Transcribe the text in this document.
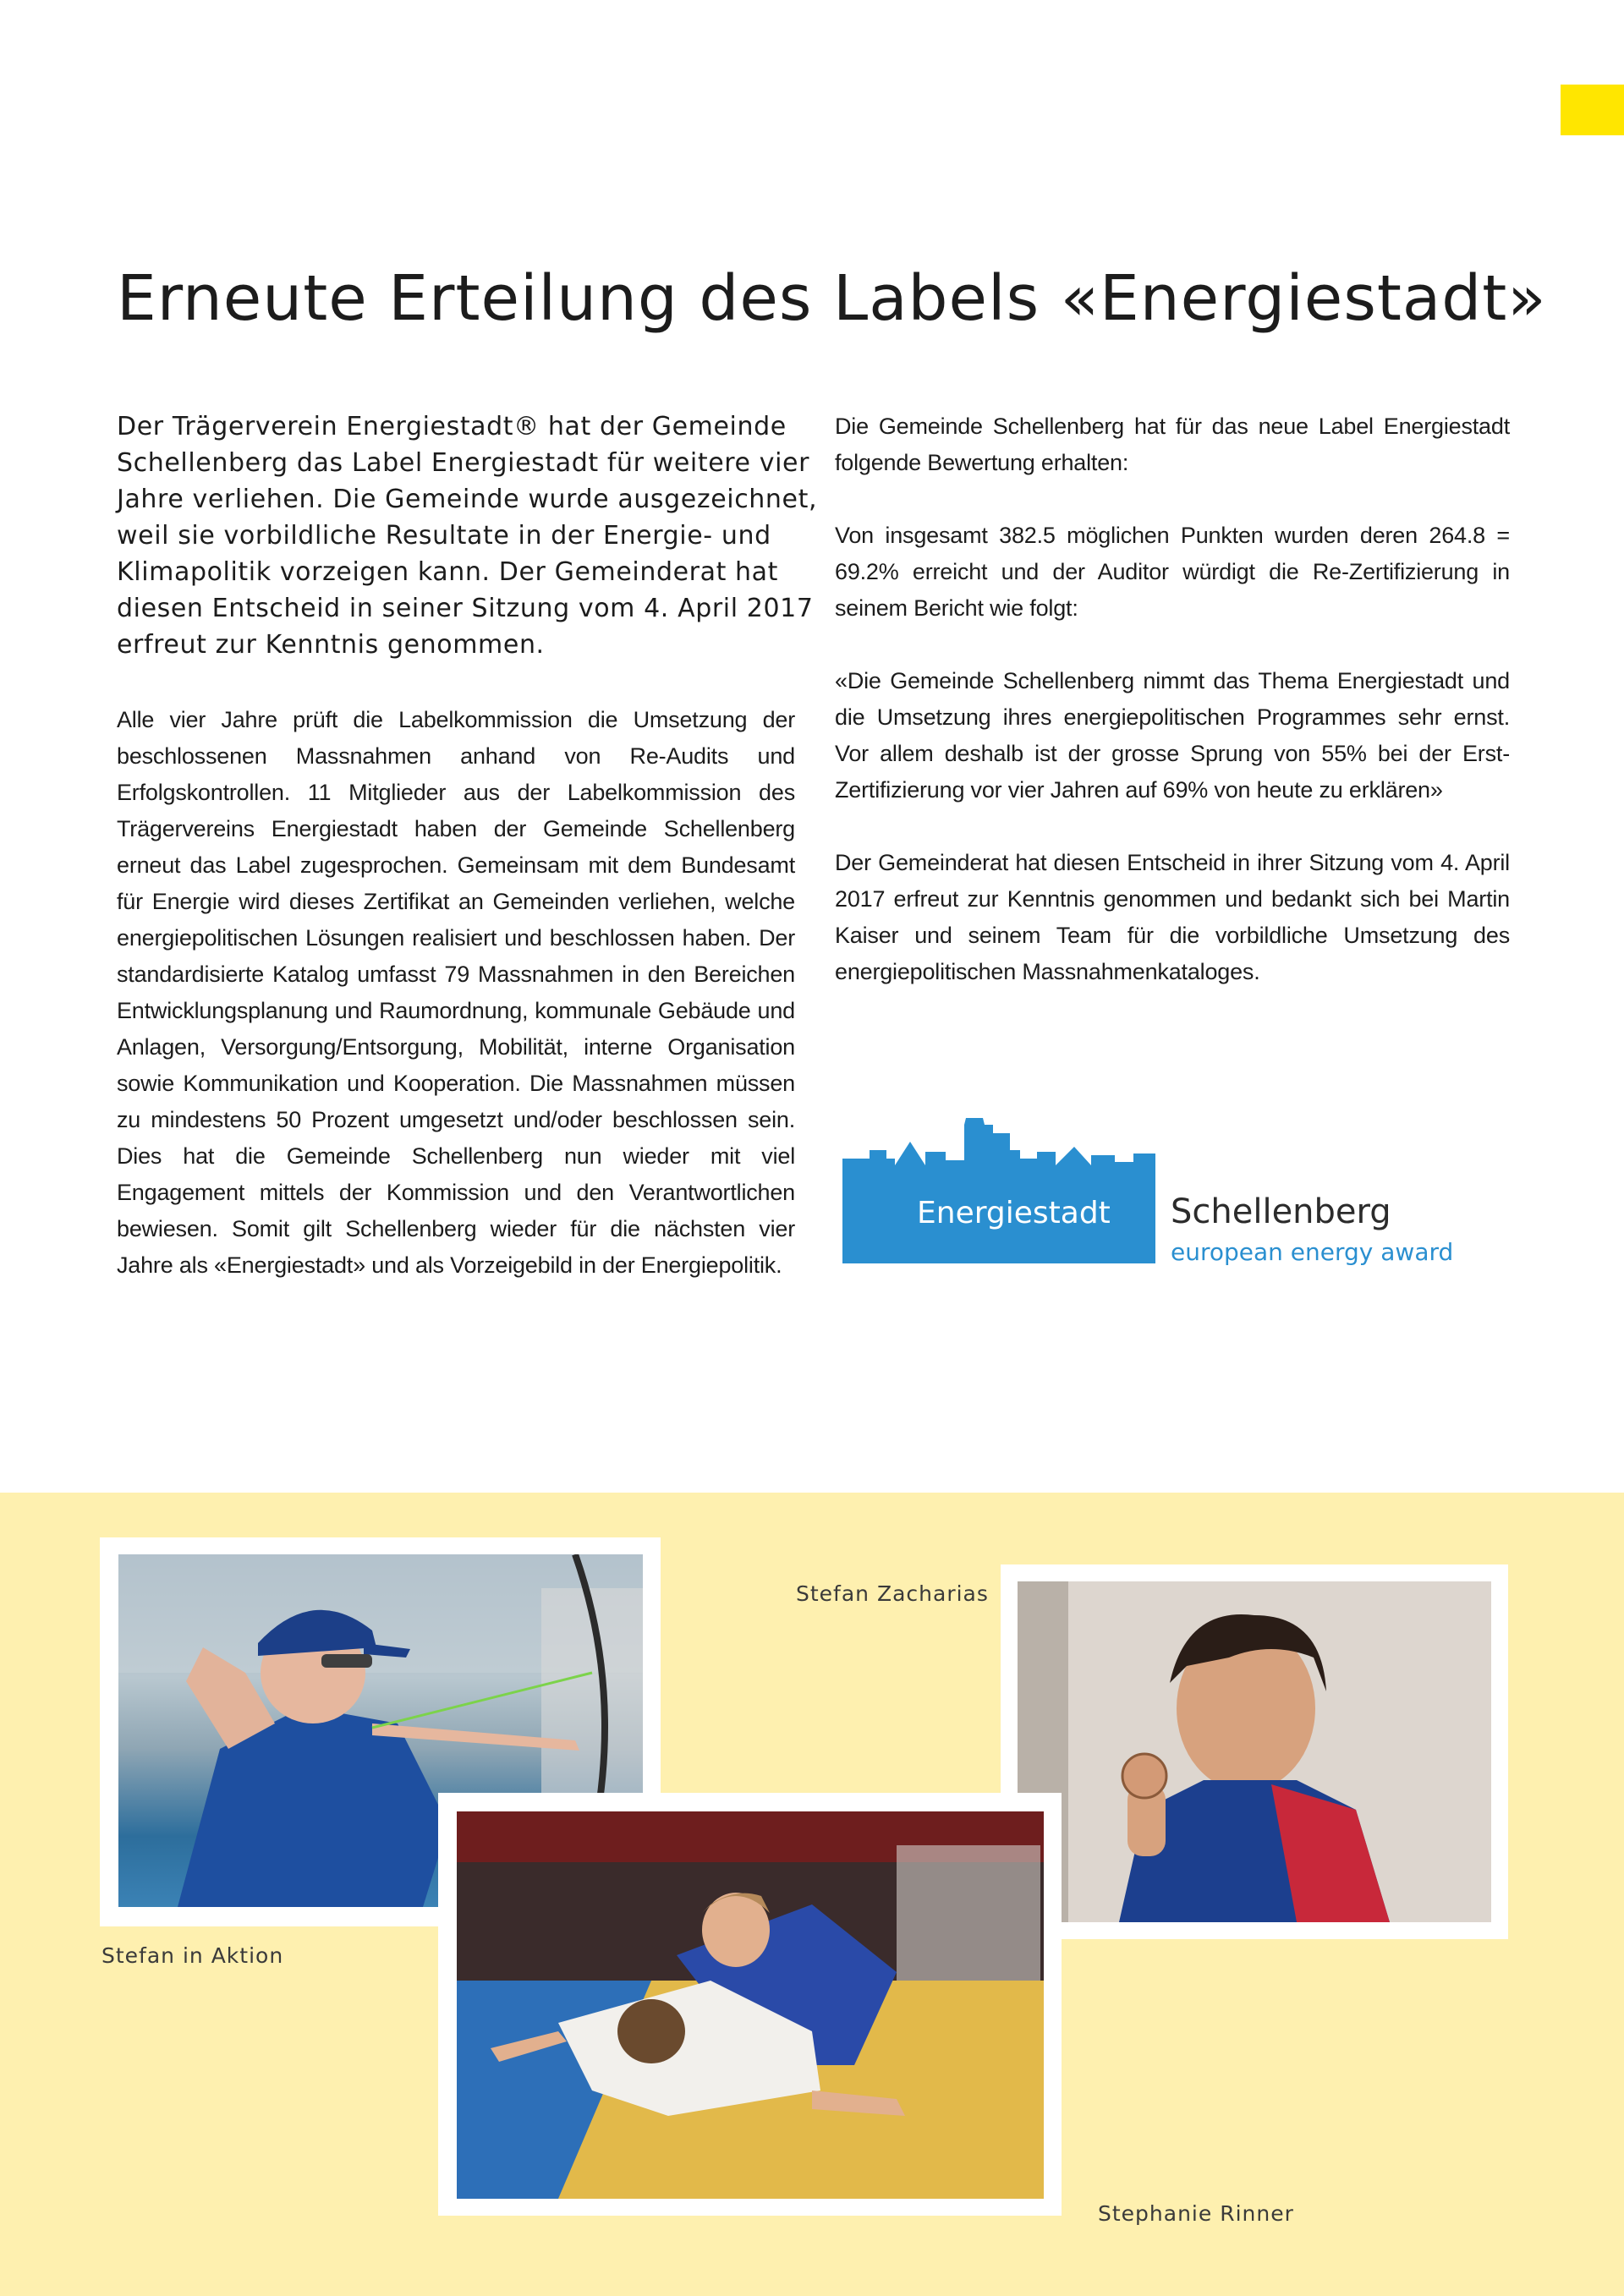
Erneute Erteilung des Labels «Energiestadt»

Der Trägerverein Energiestadt® hat der Gemeinde Schellenberg das Label Energiestadt für weitere vier Jahre verliehen. Die Gemeinde wurde ausgezeichnet, weil sie vorbildliche Resultate in der Energie- und Klimapolitik vorzeigen kann. Der Gemeinderat hat diesen Entscheid in seiner Sitzung vom 4. April 2017 erfreut zur Kenntnis genommen.

Alle vier Jahre prüft die Labelkommission die Umsetzung der beschlossenen Massnahmen anhand von Re-Audits und Erfolgskontrollen. 11 Mitglieder aus der Labelkommission des Trägervereins Energiestadt haben der Gemeinde Schellenberg erneut das Label zugesprochen. Gemeinsam mit dem Bundesamt für Energie wird dieses Zertifikat an Gemeinden verliehen, welche energiepolitischen Lösungen realisiert und beschlossen haben. Der standardisierte Katalog umfasst 79 Massnahmen in den Bereichen Entwicklungsplanung und Raumordnung, kommunale Gebäude und Anlagen, Versorgung/Entsorgung, Mobilität, interne Organisation sowie Kommunikation und Kooperation. Die Massnahmen müssen zu mindestens 50 Prozent umgesetzt und/oder beschlossen sein. Dies hat die Gemeinde Schellenberg nun wieder mit viel Engagement mittels der Kommission und den Verantwortlichen bewiesen. Somit gilt Schellenberg wieder für die nächsten vier Jahre als «Energiestadt» und als Vorzeigebild in der Energiepolitik.

Die Gemeinde Schellenberg hat für das neue Label Energiestadt folgende Bewertung erhalten:

Von insgesamt 382.5 möglichen Punkten wurden deren 264.8 = 69.2% erreicht und der Auditor würdigt die Re-Zertifizierung in seinem Bericht wie folgt:

«Die Gemeinde Schellenberg nimmt das Thema Energiestadt und die Umsetzung ihres energiepolitischen Programmes sehr ernst. Vor allem deshalb ist der grosse Sprung von 55% bei der Erst-Zertifizierung vor vier Jahren auf 69% von heute zu erklären»

Der Gemeinderat hat diesen Entscheid in ihrer Sitzung vom 4. April 2017 erfreut zur Kenntnis genommen und bedankt sich bei Martin Kaiser und seinem Team für die vorbildliche Umsetzung des energiepolitischen Massnahmenkataloges.

Energiestadt Schellenberg
european energy award
Stefan in Aktion
Stefan Zacharias
Stephanie Rinner
